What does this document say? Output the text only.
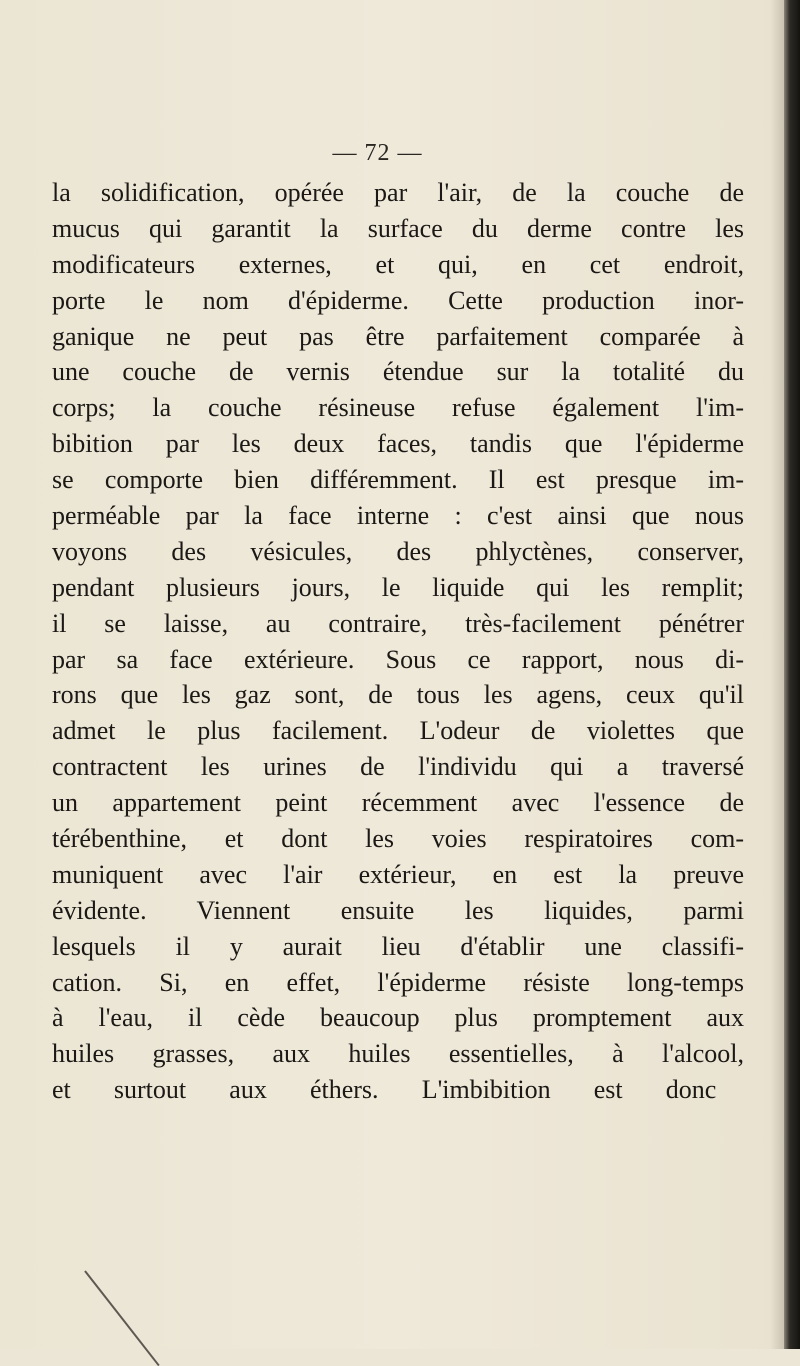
— 72 —
la solidification, opérée par l'air, de la couche de
mucus qui garantit la surface du derme contre les
modificateurs externes, et qui, en cet endroit,
porte le nom d'épiderme. Cette production inor-
ganique ne peut pas être parfaitement comparée à
une couche de vernis étendue sur la totalité du
corps; la couche résineuse refuse également l'im-
bibition par les deux faces, tandis que l'épiderme
se comporte bien différemment. Il est presque im-
perméable par la face interne : c'est ainsi que nous
voyons des vésicules, des phlyctènes, conserver,
pendant plusieurs jours, le liquide qui les remplit;
il se laisse, au contraire, très-facilement pénétrer
par sa face extérieure. Sous ce rapport, nous di-
rons que les gaz sont, de tous les agens, ceux qu'il
admet le plus facilement. L'odeur de violettes que
contractent les urines de l'individu qui a traversé
un appartement peint récemment avec l'essence de
térébenthine, et dont les voies respiratoires com-
muniquent avec l'air extérieur, en est la preuve
évidente. Viennent ensuite les liquides, parmi
lesquels il y aurait lieu d'établir une classifi-
cation. Si, en effet, l'épiderme résiste long-temps
à l'eau, il cède beaucoup plus promptement aux
huiles grasses, aux huiles essentielles, à l'alcool,
et surtout aux éthers. L'imbibition est donc
